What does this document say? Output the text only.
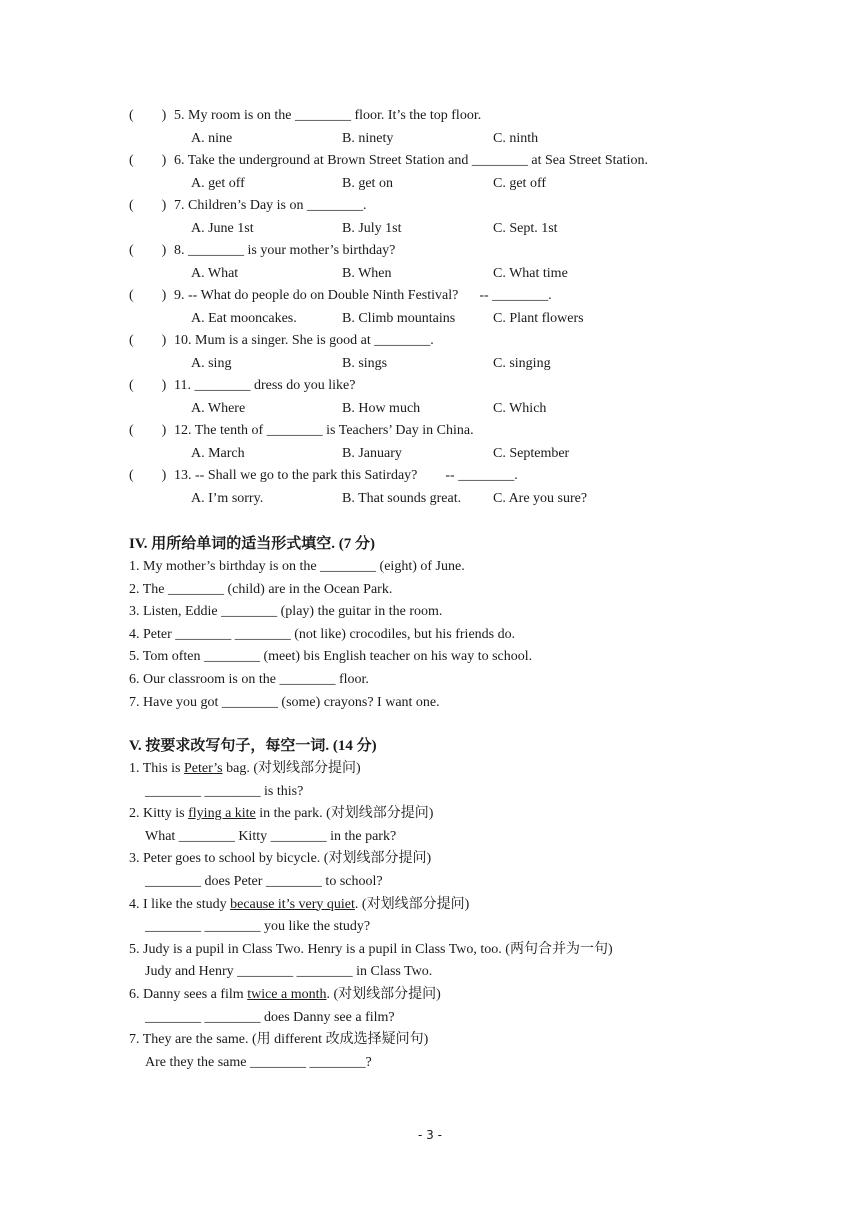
( ) 5. My room is on the ________ floor. It’s the top floor.
A. nine	B. ninety	C. ninth
( ) 6. Take the underground at Brown Street Station and ________ at Sea Street Station.
A. get off	B. get on	C. get off
( ) 7. Children’s Day is on ________.
A. June 1st	B. July 1st	C. Sept. 1st
( ) 8. ________ is your mother’s birthday?
A. What	B. When	C. What time
( ) 9. -- What do people do on Double Ninth Festival?      -- ________.
A. Eat mooncakes.	B. Climb mountains	C. Plant flowers
( ) 10. Mum is a singer. She is good at ________.
A. sing	B. sings	C. singing
( ) 11. ________ dress do you like?
A. Where	B. How much	C. Which
( ) 12. The tenth of ________ is Teachers’ Day in China.
A. March	B. January	C. September
( ) 13. -- Shall we go to the park this Satirday?        -- ________.
A. I’m sorry.	B. That sounds great. C. Are you sure?
IV. 用所给单词的适当形式填空. (7 分)
1. My mother’s birthday is on the ________ (eight) of June.
2. The ________ (child) are in the Ocean Park.
3. Listen, Eddie ________ (play) the guitar in the room.
4. Peter ________ ________ (not like) crocodiles, but his friends do.
5. Tom often ________ (meet) bis English teacher on his way to school.
6. Our classroom is on the ________ floor.
7. Have you got ________ (some) crayons? I want one.
V. 按要求改写句子，每空一词. (14 分)
1. This is Peter’s bag. (对划线部分提问)
________ ________ is this?
2. Kitty is flying a kite in the park. (对划线部分提问)
What ________ Kitty ________ in the park?
3. Peter goes to school by bicycle. (对划线部分提问)
________ does Peter ________ to school?
4. I like the study because it’s very quiet. (对划线部分提问)
________ ________ you like the study?
5. Judy is a pupil in Class Two. Henry is a pupil in Class Two, too. (两句合并为一句)
Judy and Henry ________ ________ in Class Two.
6. Danny sees a film twice a month. (对划线部分提问)
________ ________ does Danny see a film?
7. They are the same. (用 different 改成选择疑问句)
Are they the same ________ ________?
- 3 -
